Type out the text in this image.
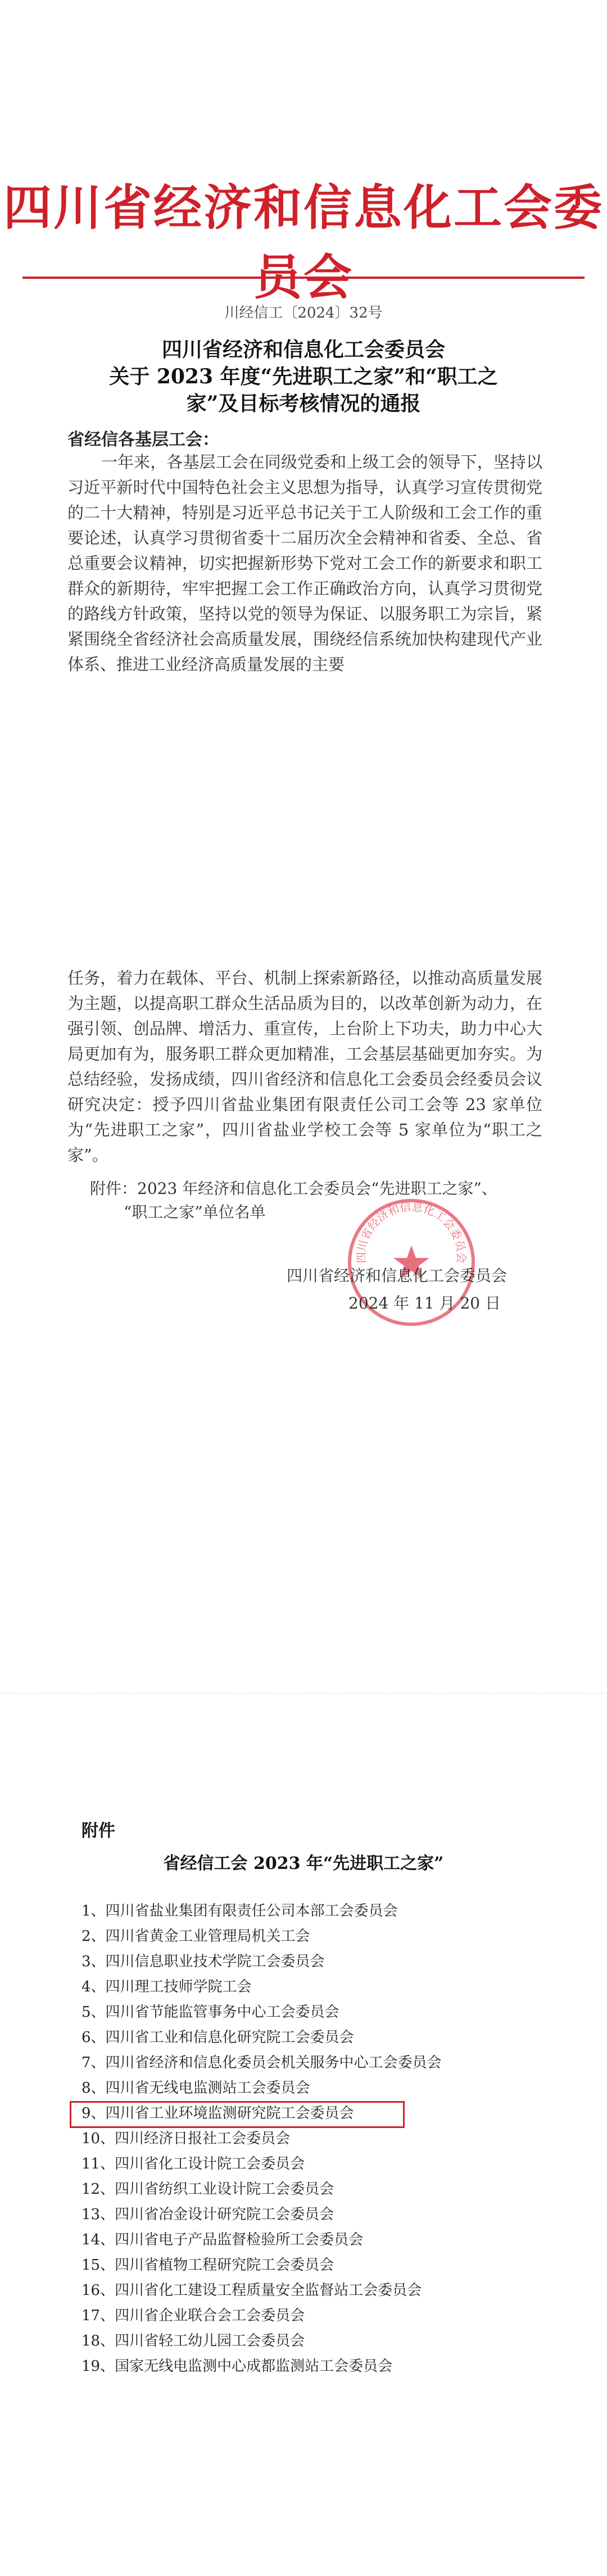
四川省经济和信息化工会委员会
川经信工〔2024〕32号
四川省经济和信息化工会委员会
关于 2023 年度“先进职工之家”和“职工之
家”及目标考核情况的通报
省经信各基层工会：
一年来，各基层工会在同级党委和上级工会的领导下，坚持以习近平新时代中国特色社会主义思想为指导，认真学习宣传贯彻党的二十大精神，特别是习近平总书记关于工人阶级和工会工作的重要论述，认真学习贯彻省委十二届历次全会精神和省委、全总、省总重要会议精神，切实把握新形势下党对工会工作的新要求和职工群众的新期待，牢牢把握工会工作正确政治方向，认真学习贯彻党的路线方针政策，坚持以党的领导为保证、以服务职工为宗旨，紧紧围绕全省经济社会高质量发展，围绕经信系统加快构建现代产业体系、推进工业经济高质量发展的主要
任务，着力在载体、平台、机制上探索新路径，以推动高质量发展为主题，以提高职工群众生活品质为目的，以改革创新为动力，在强引领、创品牌、增活力、重宣传，上台阶上下功夫，助力中心大局更加有为，服务职工群众更加精准，工会基层基础更加夯实。为总结经验，发扬成绩，四川省经济和信息化工会委员会经委员会议研究决定：授予四川省盐业集团有限责任公司工会等 23 家单位为“先进职工之家”，四川省盐业学校工会等 5 家单位为“职工之家”。
附件：2023 年经济和信息化工会委员会“先进职工之家”、
“职工之家”单位名单
四川省经济和信息化工会委员会
四川省经济和信息化工会委员会
2024 年 11 月 20 日
附件
省经信工会 2023 年“先进职工之家”
1、四川省盐业集团有限责任公司本部工会委员会
2、四川省黄金工业管理局机关工会
3、四川信息职业技术学院工会委员会
4、四川理工技师学院工会
5、四川省节能监管事务中心工会委员会
6、四川省工业和信息化研究院工会委员会
7、四川省经济和信息化委员会机关服务中心工会委员会
8、四川省无线电监测站工会委员会
9、四川省工业环境监测研究院工会委员会
10、四川经济日报社工会委员会
11、四川省化工设计院工会委员会
12、四川省纺织工业设计院工会委员会
13、四川省冶金设计研究院工会委员会
14、四川省电子产品监督检验所工会委员会
15、四川省植物工程研究院工会委员会
16、四川省化工建设工程质量安全监督站工会委员会
17、四川省企业联合会工会委员会
18、四川省轻工幼儿园工会委员会
19、国家无线电监测中心成都监测站工会委员会
